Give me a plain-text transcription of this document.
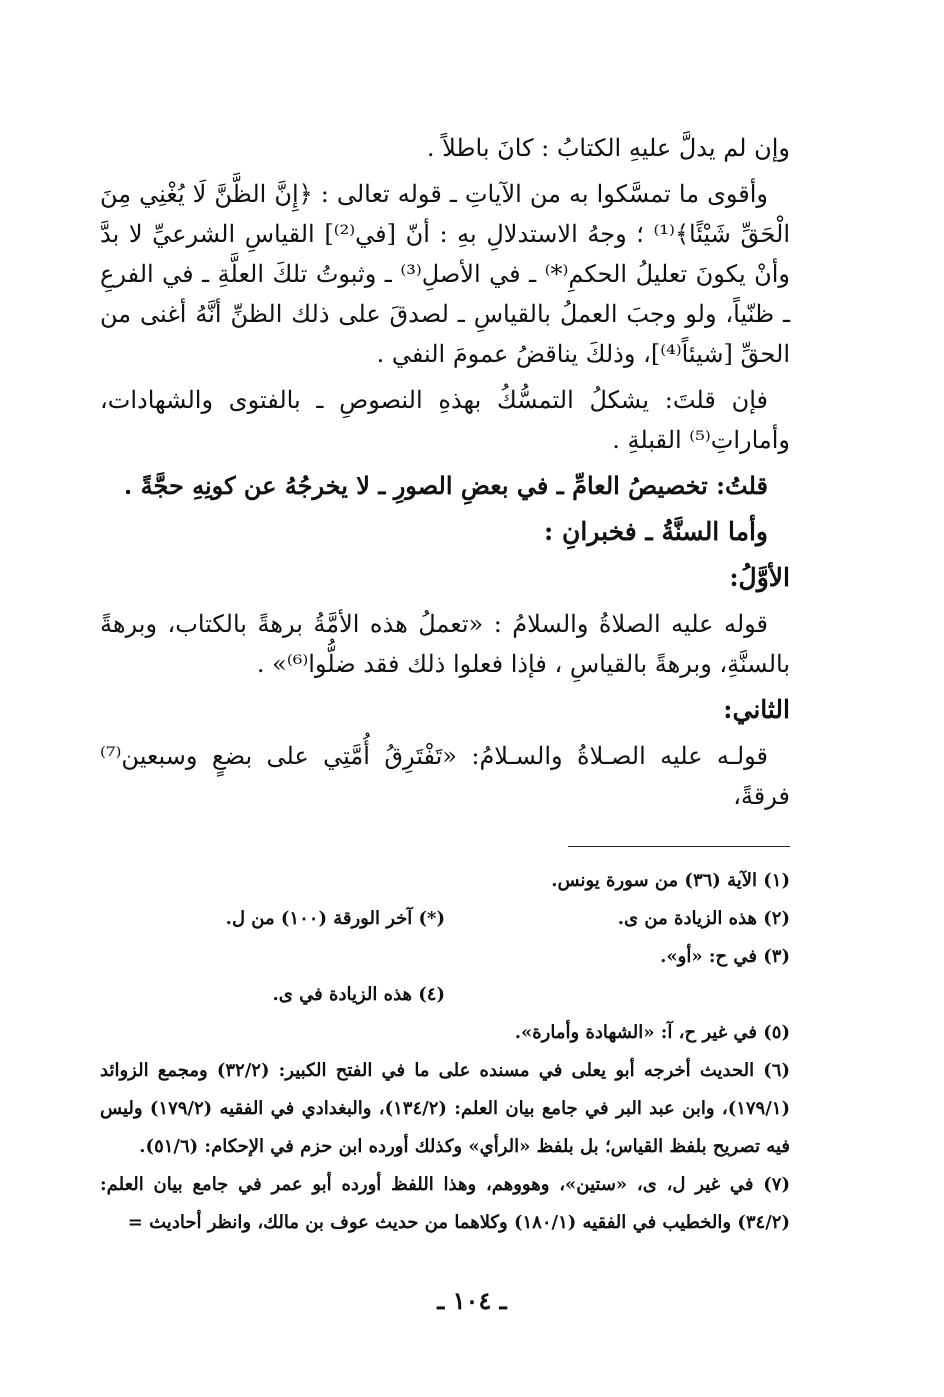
وإن لم يدلَّ عليهِ الكتابُ : كانَ باطلاً .

وأقوى ما تمسَّكوا به من الآياتِ ـ قوله تعالى : ﴿إِنَّ الظَّنَّ لَا يُغْنِي مِنَ الْحَقِّ شَيْئًا﴾⁽¹⁾ ؛ وجهُ الاستدلالِ بهِ : أنّ [في⁽²⁾] القياسِ الشرعيِّ لا بدَّ وأنْ يكونَ تعليلُ الحكمِ⁽*⁾ ـ في الأصلِ⁽³⁾ ـ وثبوتُ تلكَ العلَّةِ ـ في الفرعِ ـ ظنّياً، ولو وجبَ العملُ بالقياسِ ـ لصدقَ على ذلك الظنِّ أنَّهُ أغنى من الحقِّ [شيئاً⁽⁴⁾]، وذلكَ يناقضُ عمومَ النفي .

فإن قلتَ: يشكلُ التمسُّكُ بهذهِ النصوصِ ـ بالفتوى والشهادات، وأماراتِ⁽⁵⁾ القبلةِ .

قلتُ: تخصيصُ العامِّ ـ في بعضِ الصورِ ـ لا يخرجُهُ عن كونِهِ حجَّةً .

وأما السنَّةُ ـ فخبرانِ :

الأوَّلُ:

قوله عليه الصلاةُ والسلامُ : «تعملُ هذه الأمَّةُ برهةً بالكتاب، وبرهةً بالسنَّةِ، وبرهةً بالقياسِ ، فإذا فعلوا ذلك فقد ضلُّوا⁽⁶⁾» .

الثاني:

قولـه عليه الصـلاةُ والسـلامُ: «تَفْتَرِقُ أُمَّتِي على بضعٍ وسبعين⁽⁷⁾ فرقةً،

(١) الآية (٣٦) من سورة يونس.

(٢) هذه الزيادة من ى.

(*) آخر الورقة (١٠٠) من ل.

(٣) في ح: «أو».

(٤) هذه الزيادة في ى.

(٥) في غير ح، آ: «الشهادة وأمارة».

(٦) الحديث أخرجه أبو يعلى في مسنده على ما في الفتح الكبير: (٣٢/٢) ومجمع الزوائد (١٧٩/١)، وابن عبد البر في جامع بيان العلم: (١٣٤/٢)، والبغدادي في الفقيه (١٧٩/٢) وليس فيه تصريح بلفظ القياس؛ بل بلفظ «الرأي» وكذلك أورده ابن حزم في الإحكام: (٥١/٦).

(٧) في غير ل، ى، «ستين»، وهووهم، وهذا اللفظ أورده أبو عمر في جامع بيان العلم: (٣٤/٢) والخطيب في الفقيه (١٨٠/١) وكلاهما من حديث عوف بن مالك، وانظر أحاديث =

ـ ١٠٤ ـ
